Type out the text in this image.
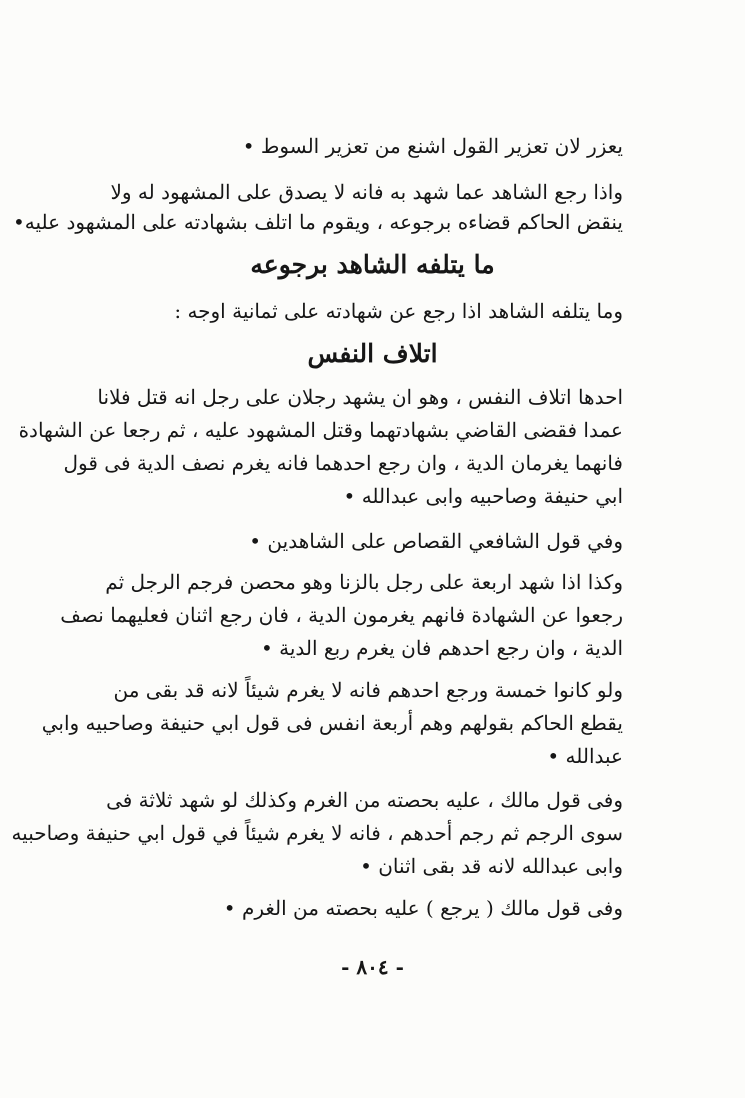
يعزر لان تعزير القول اشنع من تعزير السوط •
واذا رجع الشاهد عما شهد به فانه لا يصدق على المشهود له ولا
ينقض الحاكم قضاءه برجوعه ، ويقوم ما اتلف بشهادته على المشهود عليه•
ما يتلفه الشاهد برجوعه
وما يتلفه الشاهد اذا رجع عن شهادته على ثمانية اوجه :
اتلاف النفس
احدها اتلاف النفس ، وهو ان يشهد رجلان على رجل انه قتل فلانا
عمدا فقضى القاضي بشهادتهما وقتل المشهود عليه ، ثم رجعا عن الشهادة
فانهما يغرمان الدية ، وان رجع احدهما فانه يغرم نصف الدية فى قول
ابي حنيفة وصاحبيه وابى عبدالله •
وفي قول الشافعي القصاص على الشاهدين •
وكذا اذا شهد اربعة على رجل بالزنا وهو محصن فرجم الرجل ثم
رجعوا عن الشهادة فانهم يغرمون الدية ، فان رجع اثنان فعليهما نصف
الدية ، وان رجع احدهم فان يغرم ربع الدية •
ولو كانوا خمسة ورجع احدهم فانه لا يغرم شيئاً لانه قد بقى من
يقطع الحاكم بقولهم وهم أربعة انفس فى قول ابي حنيفة وصاحبيه وابي
عبدالله •
وفى قول مالك ، عليه بحصته من الغرم وكذلك لو شهد ثلاثة فى
سوى الرجم ثم رجم أحدهم ، فانه لا يغرم شيئاً في قول ابي حنيفة وصاحبيه
وابى عبدالله لانه قد بقى اثنان •
وفى قول مالك ( يرجع ) عليه بحصته من الغرم •
- ٨٠٤ -
